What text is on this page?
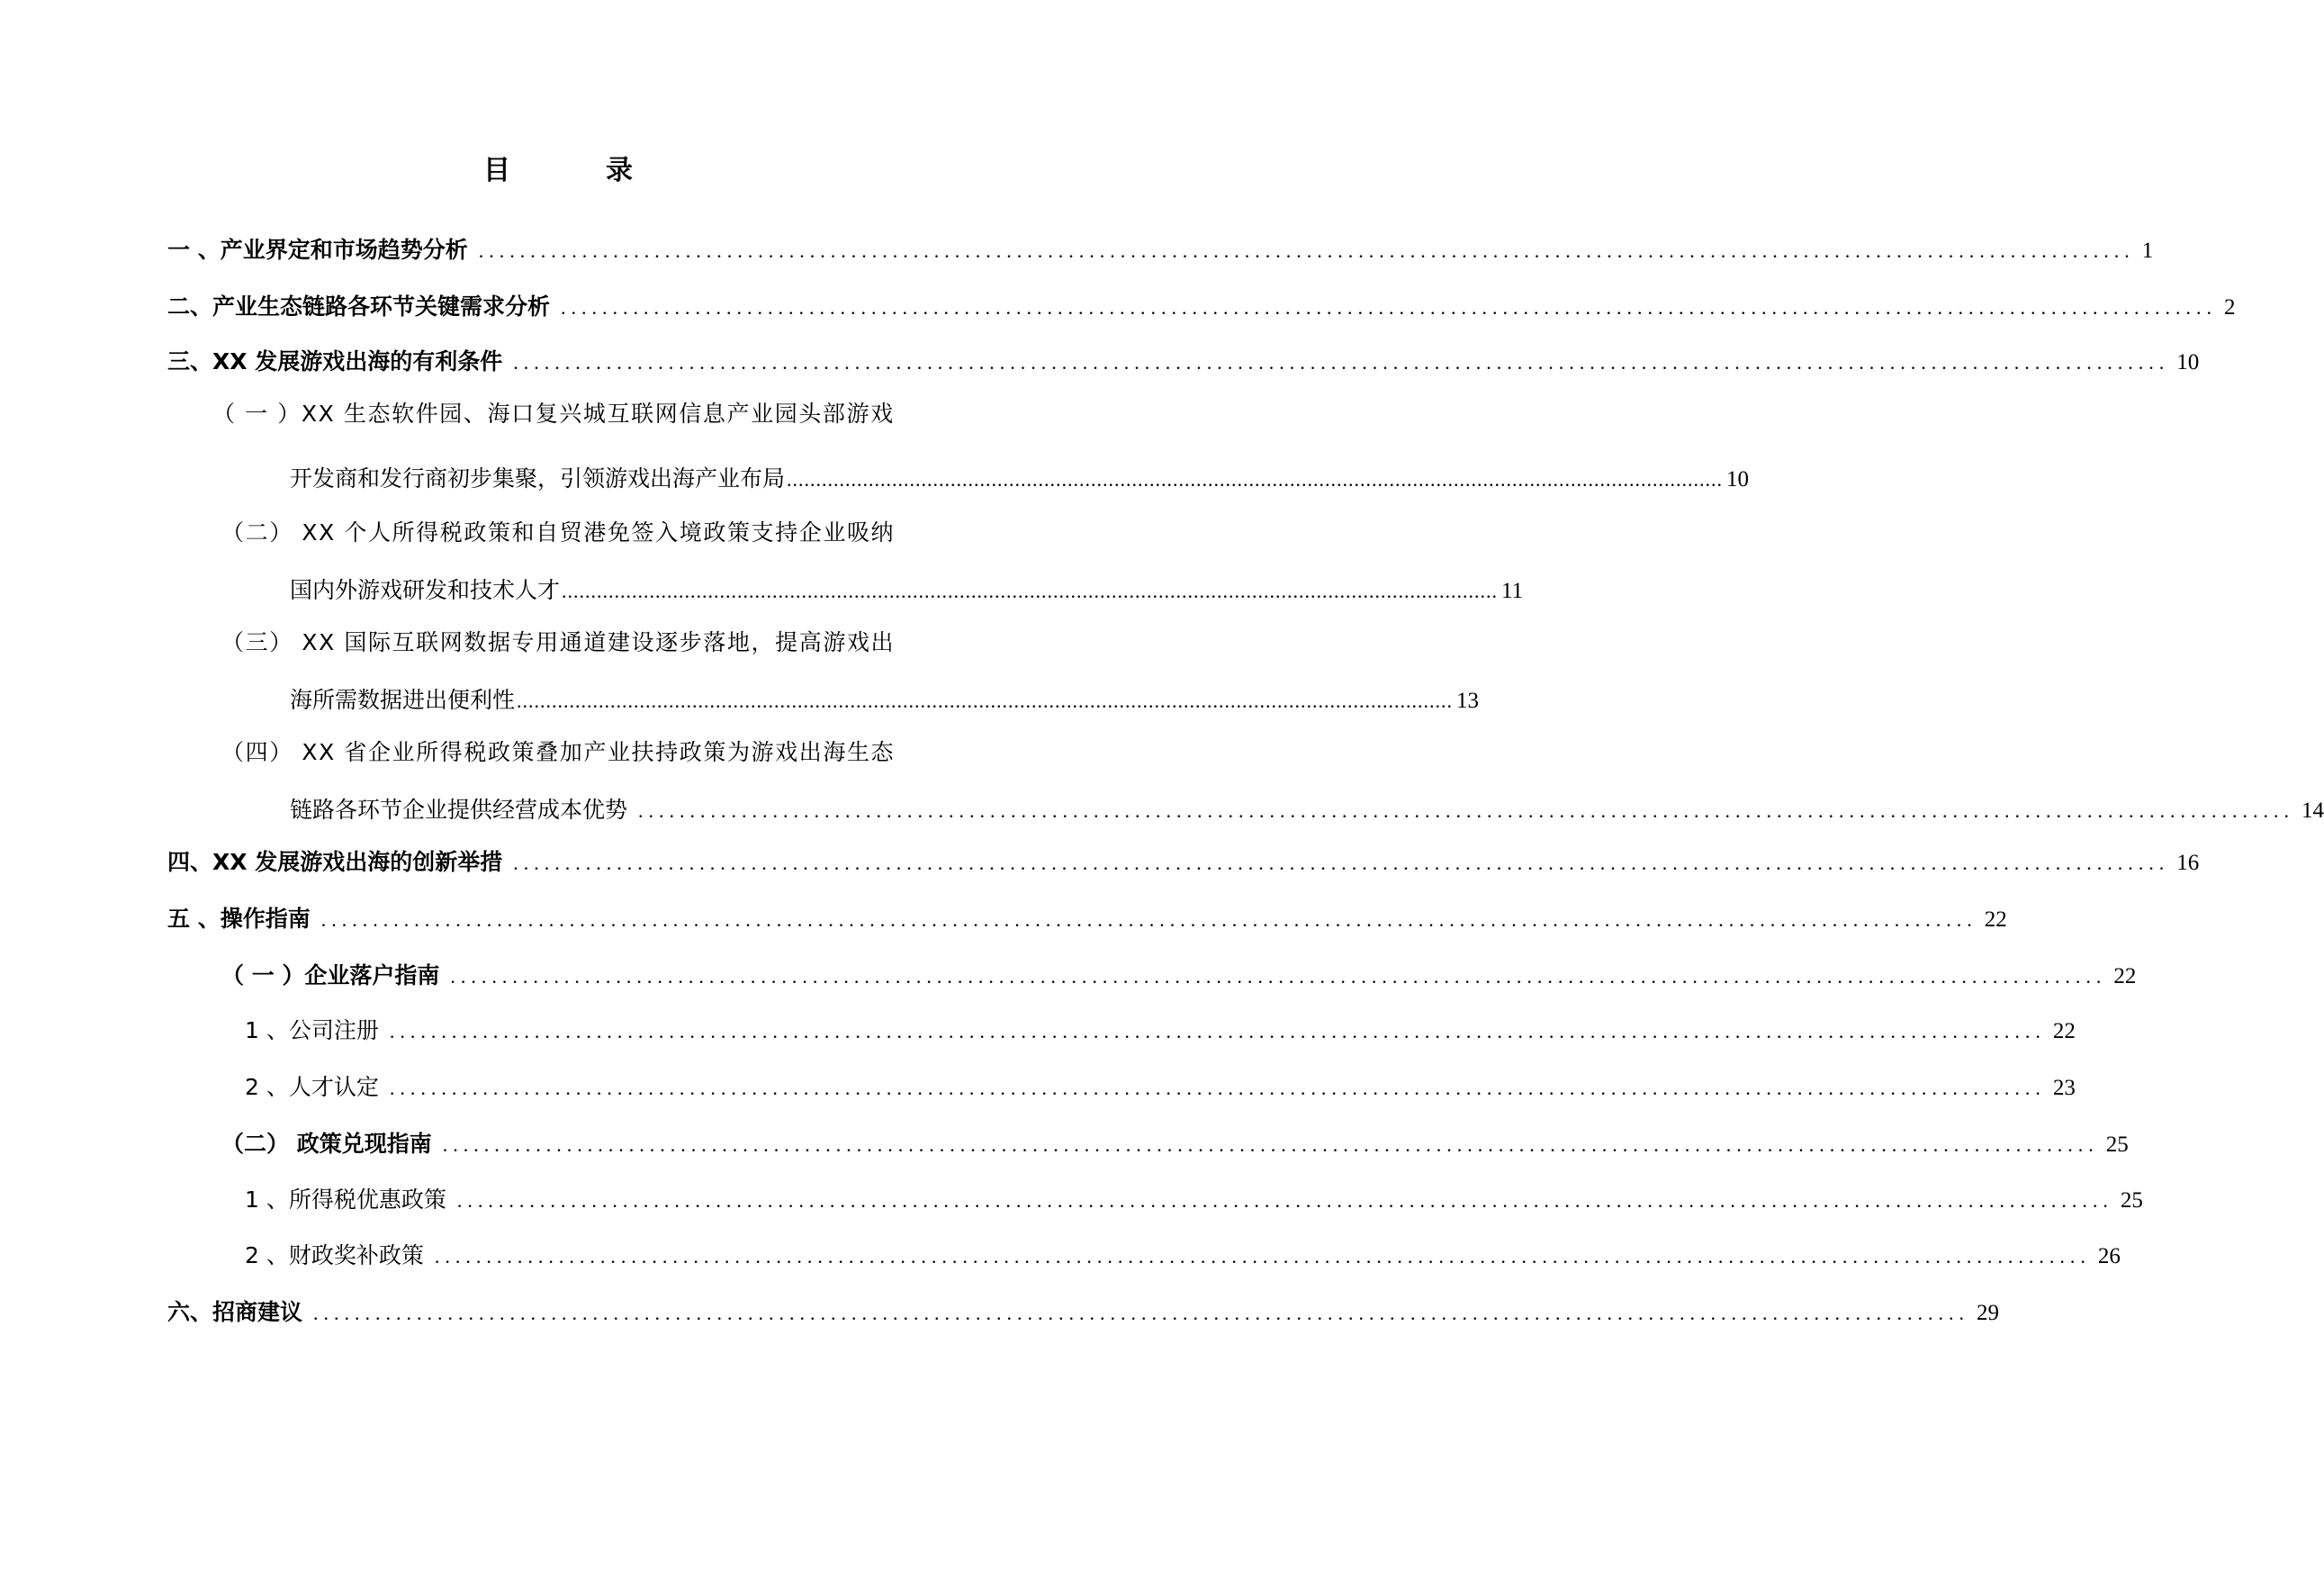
目　录
一 、产业界定和市场趋势分析 ................................................................................................................................................................ 1
二、产业生态链路各环节关键需求分析 ................................................................................................................................................................ 2
三、XX 发展游戏出海的有利条件 ................................................................................................................................................................ 10
（ 一 ）XX 生态软件园、海口复兴城互联网信息产业园头部游戏
开发商和发行商初步集聚，引领游戏出海产业布局 ................................................................................................................................................................ 10
（二） XX 个人所得税政策和自贸港免签入境政策支持企业吸纳
国内外游戏研发和技术人才 ................................................................................................................................................................ 11
（三） XX 国际互联网数据专用通道建设逐步落地，提高游戏出
海所需数据进出便利性 ................................................................................................................................................................ 13
（四） XX 省企业所得税政策叠加产业扶持政策为游戏出海生态
链路各环节企业提供经营成本优势 ................................................................................................................................................................ 14
四、XX 发展游戏出海的创新举措 ................................................................................................................................................................ 16
五 、操作指南 ................................................................................................................................................................ 22
（ 一 ）企业落户指南 ................................................................................................................................................................ 22
1 、公司注册 ................................................................................................................................................................ 22
2 、人才认定 ................................................................................................................................................................ 23
（二） 政策兑现指南 ................................................................................................................................................................ 25
1 、所得税优惠政策 ................................................................................................................................................................ 25
2 、财政奖补政策 ................................................................................................................................................................ 26
六、招商建议 ................................................................................................................................................................ 29
